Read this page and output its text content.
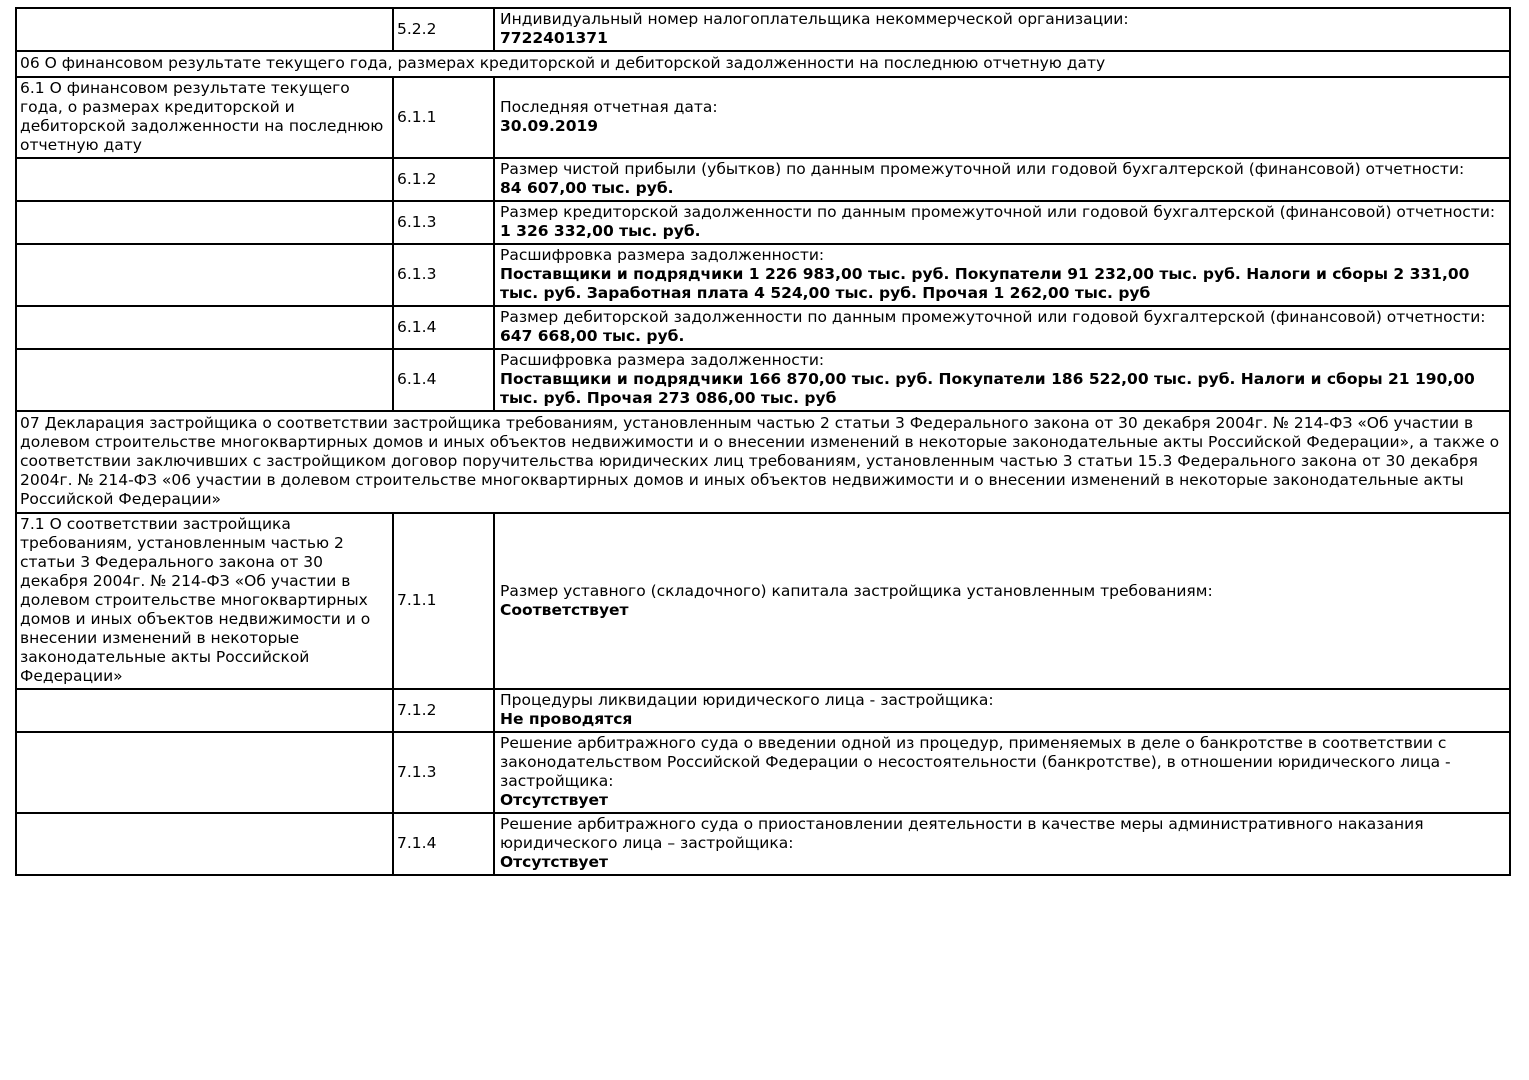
	5.2.2	Индивидуальный номер налогоплательщика некоммерческой организации:
7722401371

06 О финансовом результате текущего года, размерах кредиторской и дебиторской задолженности на последнюю отчетную дату		
6.1 О финансовом результате текущего года, о размерах кредиторской и дебиторской задолженности на последнюю отчетную дату	6.1.1	Последняя отчетная дата:
30.09.2019

	6.1.2	Размер чистой прибыли (убытков) по данным промежуточной или годовой бухгалтерской (финансовой) отчетности:
84 607,00 тыс. руб.

	6.1.3	Размер кредиторской задолженности по данным промежуточной или годовой бухгалтерской (финансовой) отчетности:
1 326 332,00 тыс. руб.

	6.1.3	Расшифровка размера задолженности:
Поставщики и подрядчики 1 226 983,00 тыс. руб. Покупатели 91 232,00 тыс. руб. Налоги и сборы 2 331,00 тыс. руб. Заработная плата 4 524,00 тыс. руб. Прочая 1 262,00 тыс. руб

	6.1.4	Размер дебиторской задолженности по данным промежуточной или годовой бухгалтерской (финансовой) отчетности:
647 668,00 тыс. руб.

	6.1.4	Расшифровка размера задолженности:
Поставщики и подрядчики 166 870,00 тыс. руб. Покупатели 186 522,00 тыс. руб. Налоги и сборы 21 190,00 тыс. руб. Прочая 273 086,00 тыс. руб

07 Декларация застройщика о соответствии застройщика требованиям, установленным частью 2 статьи 3 Федерального закона от 30 декабря 2004г. № 214-ФЗ «Об участии в долевом строительстве многоквартирных домов и иных объектов недвижимости и о внесении изменений в некоторые законодательные акты Российской Федерации», а также о соответствии заключивших с застройщиком договор поручительства юридических лиц требованиям, установленным частью 3 статьи 15.3 Федерального закона от 30 декабря 2004г. № 214-ФЗ «06 участии в долевом строительстве многоквартирных домов и иных объектов недвижимости и о внесении изменений в некоторые законодательные акты Российской Федерации»		
7.1 О соответствии застройщика требованиям, установленным частью 2 статьи 3 Федерального закона от 30 декабря 2004г. № 214-ФЗ «Об участии в долевом строительстве многоквартирных домов и иных объектов недвижимости и о внесении изменений в некоторые законодательные акты Российской Федерации»	7.1.1	Размер уставного (складочного) капитала застройщика установленным требованиям:
Соответствует

	7.1.2	Процедуры ликвидации юридического лица - застройщика:
Не проводятся

	7.1.3	Решение арбитражного суда о введении одной из процедур, применяемых в деле о банкротстве в соответствии с законодательством Российской Федерации о несостоятельности (банкротстве), в отношении юридического лица - застройщика:
Отсутствует

	7.1.4	Решение арбитражного суда о приостановлении деятельности в качестве меры административного наказания юридического лица – застройщика:
Отсутствует
